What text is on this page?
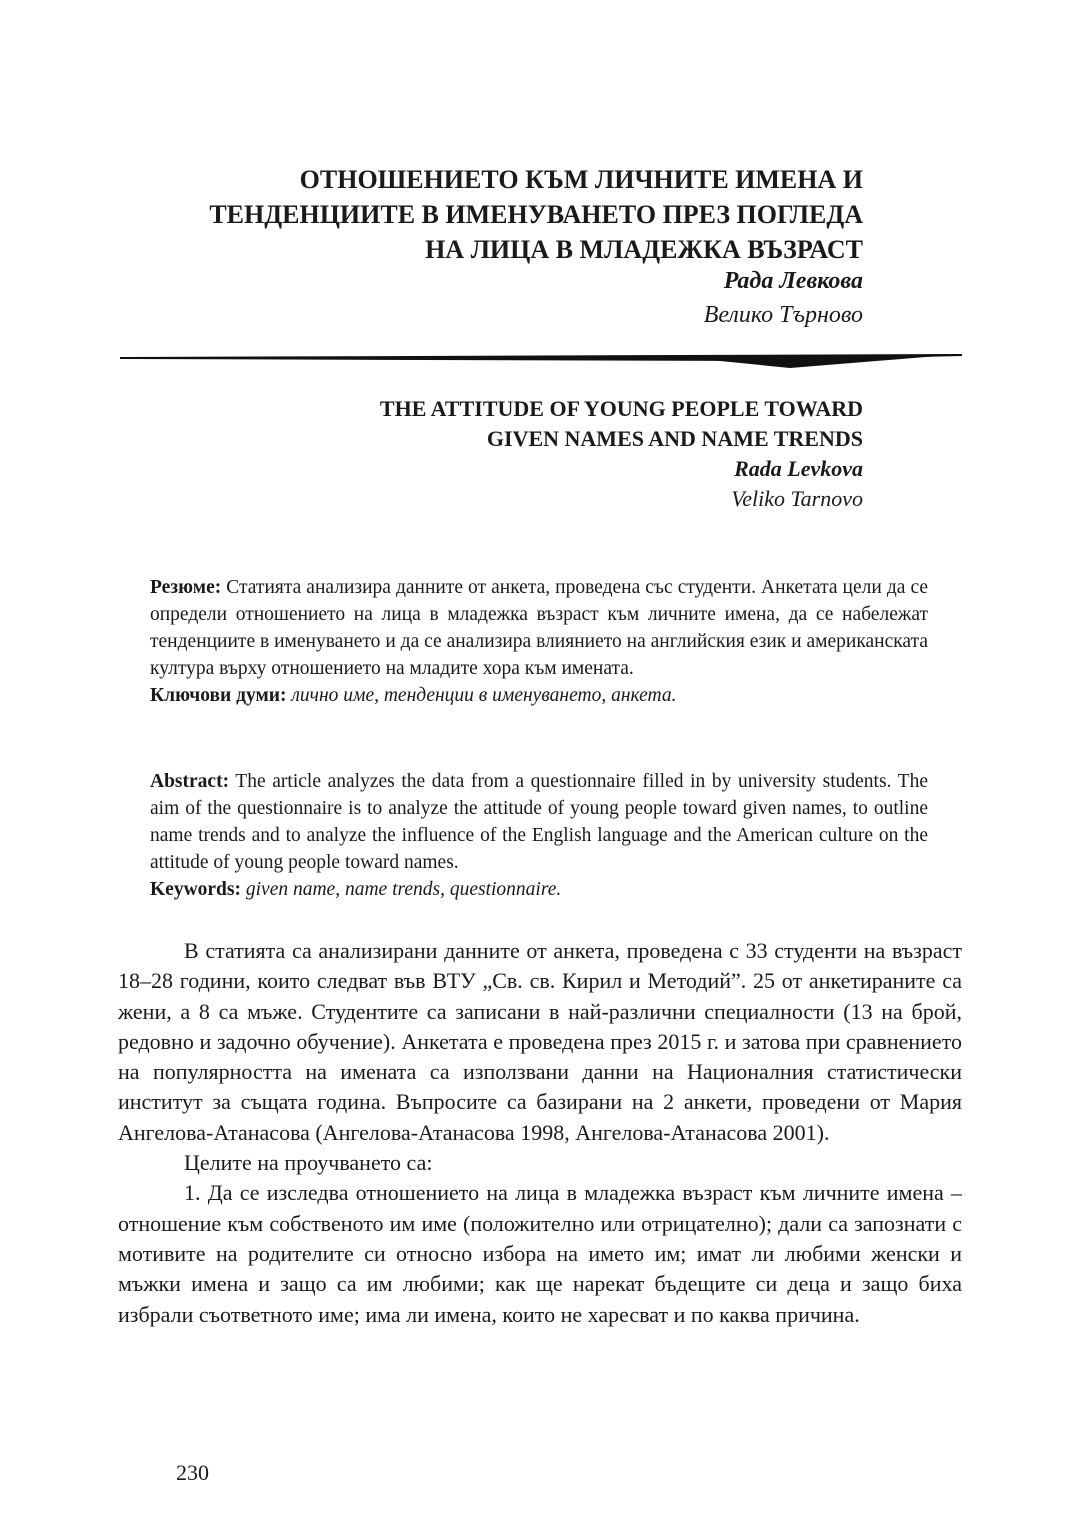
ОТНОШЕНИЕТО КЪМ ЛИЧНИТЕ ИМЕНА И
ТЕНДЕНЦИИТЕ В ИМЕНУВАНЕТО ПРЕЗ ПОГЛЕДА
НА ЛИЦА В МЛАДЕЖКА ВЪЗРАСТ
Рада Левкова
Велико Търново
THE ATTITUDE OF YOUNG PEOPLE TOWARD
GIVEN NAMES AND NAME TRENDS
Rada Levkova
Veliko Tarnovo

Резюме: Статията анализира данните от анкета, проведена със студенти. Анкетата цели да се определи отношението на лица в младежка възраст към личните имена, да се набележат тенденциите в именуването и да се анализира влиянието на английския език и американската култура върху отношението на младите хора към имената.

Ключови думи: лично име, тенденции в именуването, анкета.

Abstract: The article analyzes the data from a questionnaire filled in by university students. The aim of the questionnaire is to analyze the attitude of young people toward given names, to outline name trends and to analyze the influence of the English language and the American culture on the attitude of young people toward names.

Keywords: given name, name trends, questionnaire.

В статията са анализирани данните от анкета, проведена с 33 студенти на възраст 18–28 години, които следват във ВТУ „Св. св. Кирил и Методий”. 25 от анкетираните са жени, а 8 са мъже. Студентите са записани в най-различни специалности (13 на брой, редовно и задочно обучение). Анкетата е проведена през 2015 г. и затова при сравнението на популярността на имената са използвани данни на Националния статистически институт за същата година. Въпросите са базирани на 2 анкети, проведени от Мария Ангелова-Атанасова (Ангелова-Атанасова 1998, Ангелова-Атанасова 2001).

Целите на проучването са:

1. Да се изследва отношението на лица в младежка възраст към личните имена – отношение към собственото им име (положително или отрицателно); дали са запознати с мотивите на родителите си относно избора на името им; имат ли любими женски и мъжки имена и защо са им любими; как ще нарекат бъдещите си деца и защо биха избрали съответното име; има ли имена, които не харесват и по каква причина.

230
